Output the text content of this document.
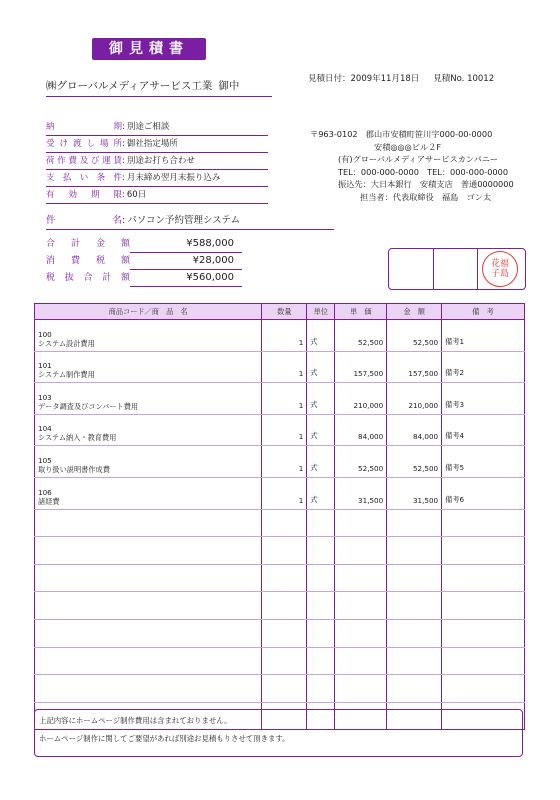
御見積書
㈱グローバルメディアサービス工業 御中
見積日付：2009年11月18日 見積No. 10012
納期: 別途ご相談
受け渡し場所: 御社指定場所
荷作費及び運賃: 別途お打ち合わせ
支払い条件: 月末締め翌月末振り込み
有効期限: 60日
件名: パソコン予約管理システム
合計金額	¥588,000
消費税額	¥28,000
税抜合計額	¥560,000
〒963-0102　郡山市安積町笹川字000-00-0000
安積◎◎◎ビル２F
(有)グローバルメディアサービスカンパニー
TEL：000-000-0000　TEL：000-000-0000
振込先：大日本銀行　安積支店　普通0000000
担当者：代表取締役　福島　ゴン太
花福子島
商品コード／商　品　名	数量	単位	単　価	金　額	備　考

100
システム設計費用	1	式	52,500	52,500	備考1

101
システム制作費用	1	式	157,500	157,500	備考2

103
データ調査及びコンバート費用	1	式	210,000	210,000	備考3

104
システム納入・教育費用	1	式	84,000	84,000	備考4

105
取り扱い説明書作成費	1	式	52,500	52,500	備考5

106
諸経費	1	式	31,500	31,500	備考6

上記内容にホームページ制作費用は含まれておりません。
ホームページ制作に関してご要望があれば別途お見積もりさせて頂きます。
